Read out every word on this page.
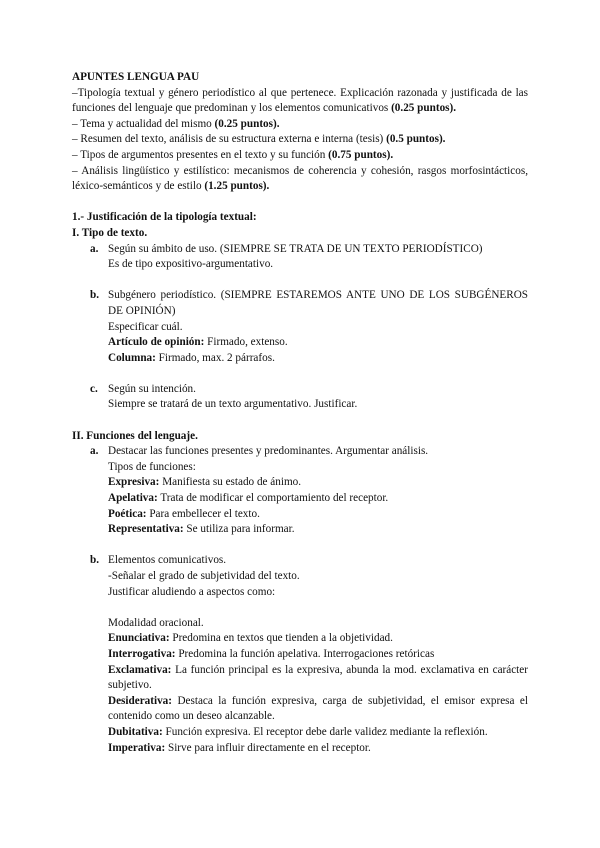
APUNTES LENGUA PAU

–Tipología textual y género periodístico al que pertenece. Explicación razonada y justificada de las funciones del lenguaje que predominan y los elementos comunicativos (0.25 puntos).

– Tema y actualidad del mismo (0.25 puntos).

– Resumen del texto, análisis de su estructura externa e interna (tesis) (0.5 puntos).

– Tipos de argumentos presentes en el texto y su función (0.75 puntos).

– Análisis lingüístico y estilístico: mecanismos de coherencia y cohesión, rasgos morfosintácticos, léxico-semánticos y de estilo (1.25 puntos).

1.- Justificación de la tipología textual:

I. Tipo de texto.

a. Según su ámbito de uso. (SIEMPRE SE TRATA DE UN TEXTO PERIODÍSTICO)

Es de tipo expositivo-argumentativo.

b. Subgénero periodístico. (SIEMPRE ESTAREMOS ANTE UNO DE LOS SUBGÉNEROS DE OPINIÓN)

Especificar cuál.

Artículo de opinión: Firmado, extenso.

Columna: Firmado, max. 2 párrafos.

c. Según su intención.

Siempre se tratará de un texto argumentativo. Justificar.

II. Funciones del lenguaje.

a. Destacar las funciones presentes y predominantes. Argumentar análisis.

Tipos de funciones:

Expresiva: Manifiesta su estado de ánimo.

Apelativa: Trata de modificar el comportamiento del receptor.

Poética: Para embellecer el texto.

Representativa: Se utiliza para informar.

b. Elementos comunicativos.

-Señalar el grado de subjetividad del texto.

Justificar aludiendo a aspectos como:

Modalidad oracional.

Enunciativa: Predomina en textos que tienden a la objetividad.

Interrogativa: Predomina la función apelativa. Interrogaciones retóricas

Exclamativa: La función principal es la expresiva, abunda la mod. exclamativa en carácter subjetivo.

Desiderativa: Destaca la función expresiva, carga de subjetividad, el emisor expresa el contenido como un deseo alcanzable.

Dubitativa: Función expresiva. El receptor debe darle validez mediante la reflexión.

Imperativa: Sirve para influir directamente en el receptor.
